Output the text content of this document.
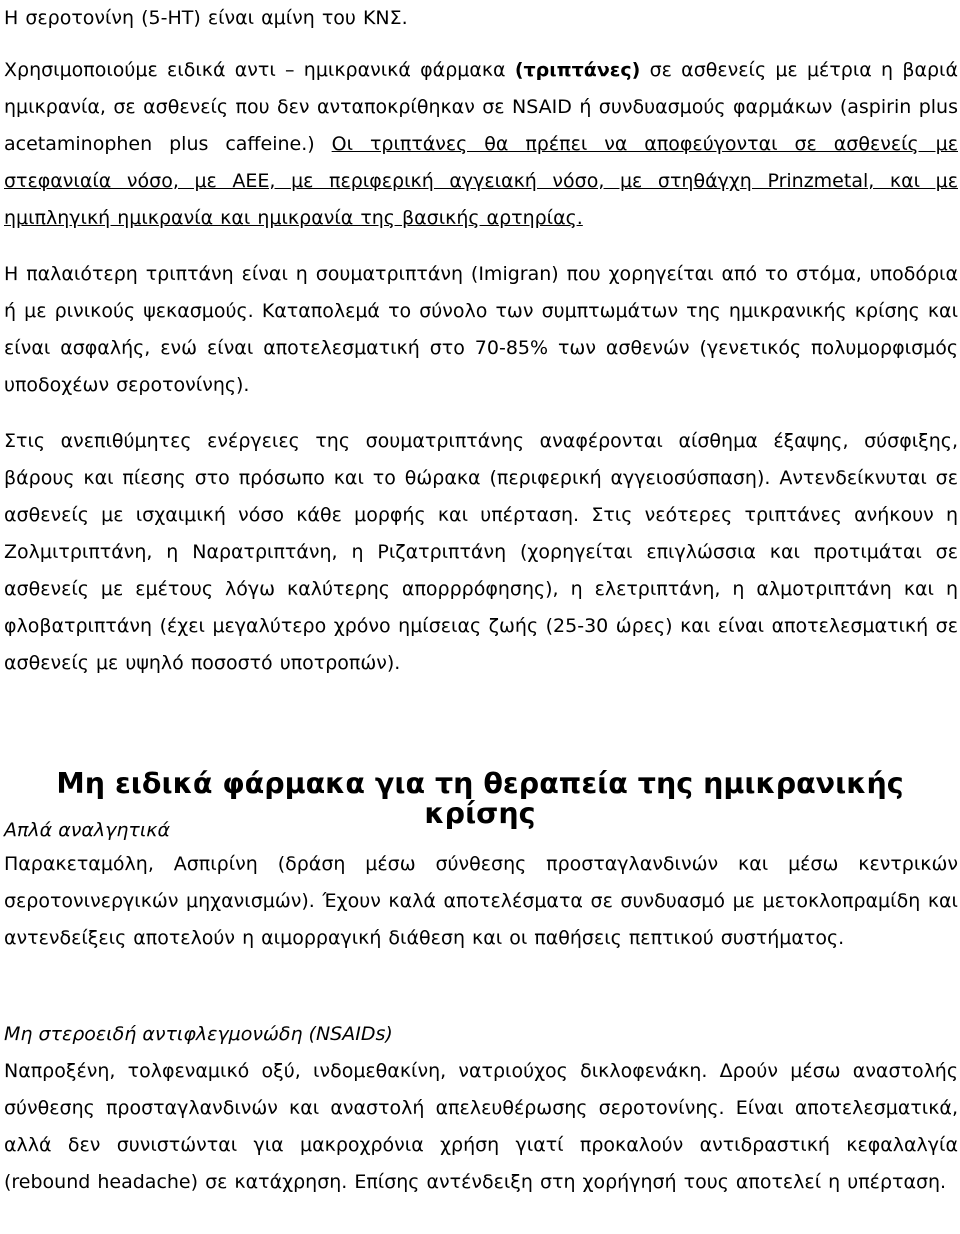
Η σεροτονίνη (5-HT) είναι αμίνη του ΚΝΣ.

Χρησιμοποιούμε ειδικά αντι – ημικρανικά φάρμακα (τριπτάνες) σε ασθενείς με μέτρια η βαριά ημικρανία, σε ασθενείς που δεν ανταποκρίθηκαν σε NSAID ή συνδυασμούς φαρμάκων (aspirin plus acetaminophen plus caffeine.) Οι τριπτάνες θα πρέπει να αποφεύγονται σε ασθενείς με στεφανιαία νόσο, με ΑΕΕ, με περιφερική αγγειακή νόσο, με στηθάγχη Prinzmetal, και με ημιπληγική ημικρανία και ημικρανία της βασικής αρτηρίας.

Η παλαιότερη τριπτάνη είναι η σουματριπτάνη (Imigran) που χορηγείται από το στόμα, υποδόρια ή με ρινικούς ψεκασμούς. Καταπολεμά το σύνολο των συμπτωμάτων της ημικρανικής κρίσης και είναι ασφαλής, ενώ είναι αποτελεσματική στο 70-85% των ασθενών (γενετικός πολυμορφισμός υποδοχέων σεροτονίνης).

Στις ανεπιθύμητες ενέργειες της σουματριπτάνης αναφέρονται αίσθημα έξαψης, σύσφιξης, βάρους και πίεσης στο πρόσωπο και το θώρακα (περιφερική αγγειοσύσπαση). Αντενδείκνυται σε ασθενείς με ισχαιμική νόσο κάθε μορφής και υπέρταση. Στις νεότερες τριπτάνες ανήκουν η Ζολμιτριπτάνη, η Ναρατριπτάνη, η Ριζατριπτάνη (χορηγείται επιγλώσσια και προτιμάται σε ασθενείς με εμέτους λόγω καλύτερης απορρρόφησης), η ελετριπτάνη, η αλμοτριπτάνη και η φλοβατριπτάνη (έχει μεγαλύτερο χρόνο ημίσειας ζωής (25-30 ώρες) και είναι αποτελεσματική σε ασθενείς με υψηλό ποσοστό υποτροπών).

Μη ειδικά φάρμακα για τη θεραπεία της ημικρανικής κρίσης

Απλά αναλγητικά

Παρακεταμόλη, Ασπιρίνη (δράση μέσω σύνθεσης προσταγλανδινών και μέσω κεντρικών σεροτονινεργικών μηχανισμών). Έχουν καλά αποτελέσματα σε συνδυασμό με μετοκλοπραμίδη και αντενδείξεις αποτελούν η αιμορραγική διάθεση και οι παθήσεις πεπτικού συστήματος.

Μη στεροειδή αντιφλεγμονώδη (NSAIDs)

Ναπροξένη, τολφεναμικό οξύ, ινδομεθακίνη, νατριούχος δικλοφενάκη. Δρούν μέσω αναστολής σύνθεσης προσταγλανδινών και αναστολή απελευθέρωσης σεροτονίνης. Είναι αποτελεσματικά, αλλά δεν συνιστώνται για μακροχρόνια χρήση γιατί προκαλούν αντιδραστική κεφαλαλγία (rebound headache) σε κατάχρηση. Επίσης αντένδειξη στη χορήγησή τους αποτελεί η υπέρταση.
